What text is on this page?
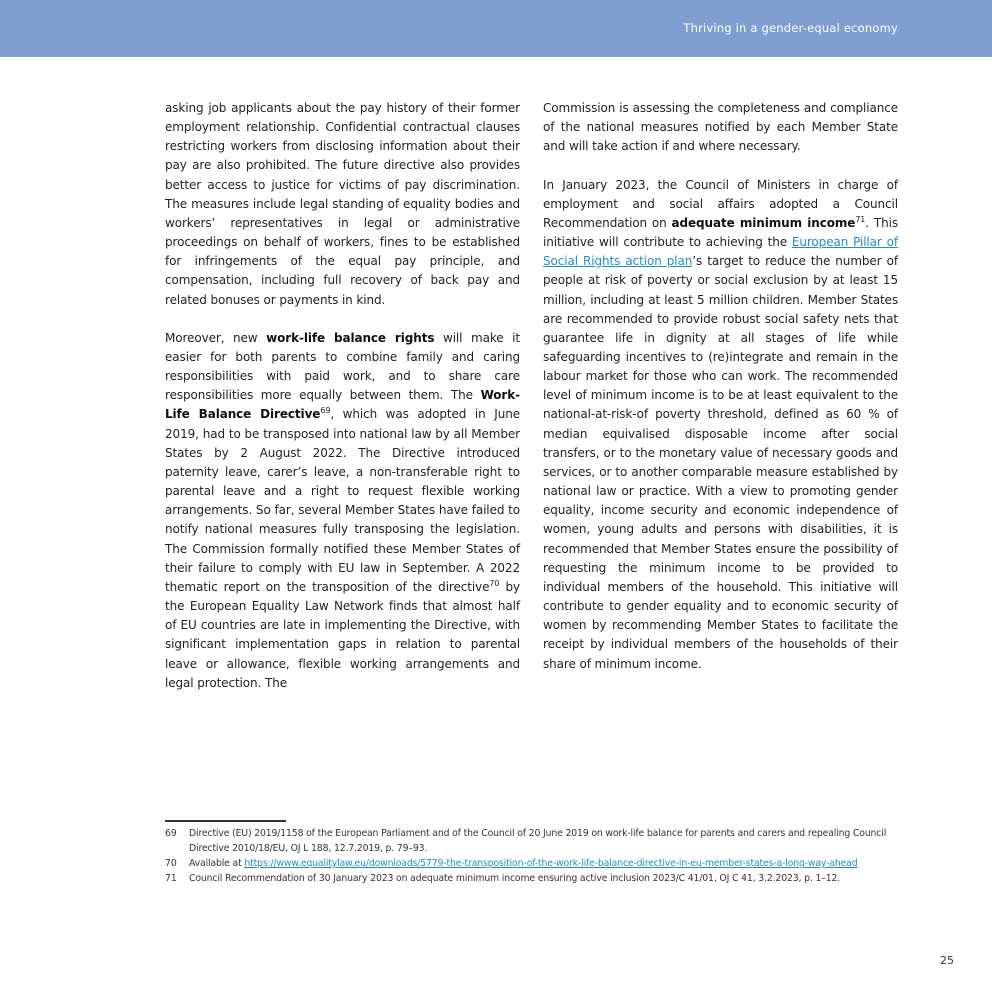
Thriving in a gender-equal economy

asking job applicants about the pay history of their former employment relationship. Confidential contractual clauses restricting workers from disclosing information about their pay are also prohibited. The future directive also provides better access to justice for victims of pay discrimination. The measures include legal standing of equality bodies and workers’ representatives in legal or administrative proceedings on behalf of workers, fines to be established for infringements of the equal pay principle, and compensation, including full recovery of back pay and related bonuses or payments in kind.

Moreover, new work-life balance rights will make it easier for both parents to combine family and caring responsibilities with paid work, and to share care responsibilities more equally between them. The Work-Life Balance Directive$^{69}$, which was adopted in June 2019, had to be transposed into national law by all Member States by 2 August 2022. The Directive introduced paternity leave, carer’s leave, a non-transferable right to parental leave and a right to request flexible working arrangements. So far, several Member States have failed to notify national measures fully transposing the legislation. The Commission formally notified these Member States of their failure to comply with EU law in September. A 2022 thematic report on the transposition of the directive$^{70}$ by the European Equality Law Network finds that almost half of EU countries are late in implementing the Directive, with significant implementation gaps in relation to parental leave or allowance, flexible working arrangements and legal protection. The

Commission is assessing the completeness and compliance of the national measures notified by each Member State and will take action if and where necessary.

In January 2023, the Council of Ministers in charge of employment and social affairs adopted a Council Recommendation on adequate minimum income$^{71}$. This initiative will contribute to achieving the European Pillar of Social Rights action plan’s target to reduce the number of people at risk of poverty or social exclusion by at least 15 million, including at least 5 million children. Member States are recommended to provide robust social safety nets that guarantee life in dignity at all stages of life while safeguarding incentives to (re)integrate and remain in the labour market for those who can work. The recommended level of minimum income is to be at least equivalent to the national-at-risk-of poverty threshold, defined as 60 % of median equivalised disposable income after social transfers, or to the monetary value of necessary goods and services, or to another comparable measure established by national law or practice. With a view to promoting gender equality, income security and economic independence of women, young adults and persons with disabilities, it is recommended that Member States ensure the possibility of requesting the minimum income to be provided to individual members of the household. This initiative will contribute to gender equality and to economic security of women by recommending Member States to facilitate the receipt by individual members of the households of their share of minimum income.

69	Directive (EU) 2019/1158 of the European Parliament and of the Council of 20 June 2019 on work-life balance for parents and carers and repealing Council Directive 2010/18/EU, OJ L 188, 12.7.2019, p. 79–93.
70	Available at https://www.equalitylaw.eu/downloads/5779-the-transposition-of-the-work-life-balance-directive-in-eu-member-states-a-long-way-ahead
71	Council Recommendation of 30 January 2023 on adequate minimum income ensuring active inclusion 2023/C 41/01, OJ C 41, 3.2.2023, p. 1–12.
25
